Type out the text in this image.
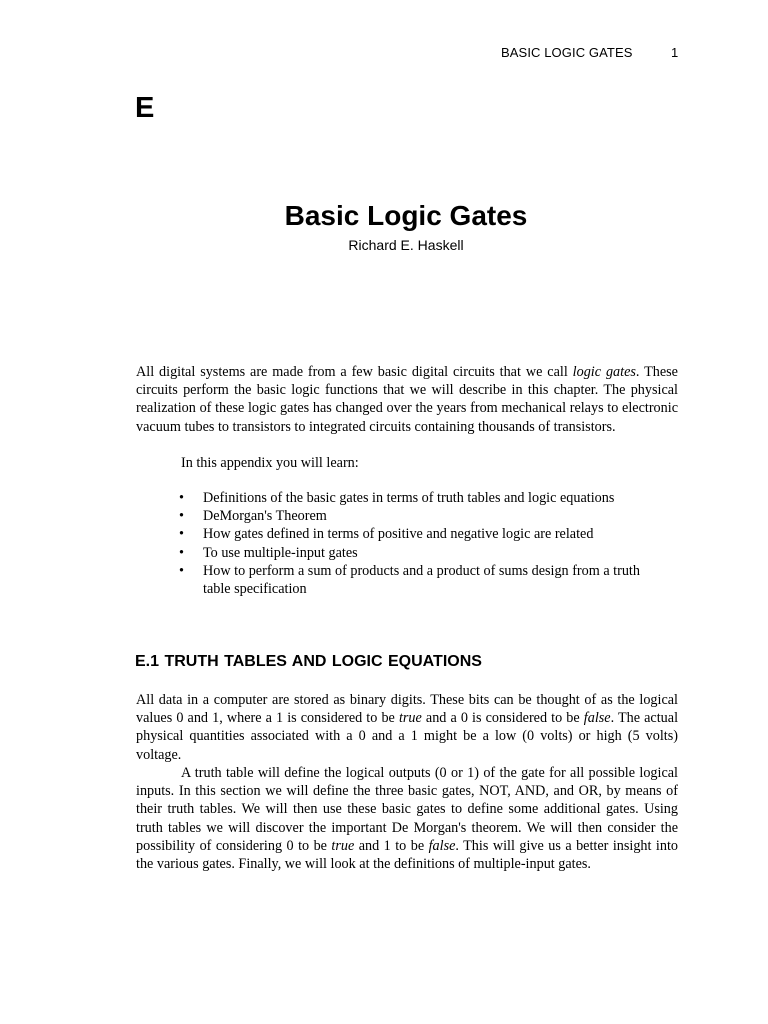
BASIC LOGIC GATES	1
E
Basic Logic Gates
Richard E. Haskell

All digital systems are made from a few basic digital circuits that we call logic gates. These circuits perform the basic logic functions that we will describe in this chapter. The physical realization of these logic gates has changed over the years from mechanical relays to electronic vacuum tubes to transistors to integrated circuits containing thousands of transistors.

In this appendix you will learn:

• Definitions of the basic gates in terms of truth tables and logic equations
• DeMorgan's Theorem
• How gates defined in terms of positive and negative logic are related
• To use multiple-input gates
• How to perform a sum of products and a product of sums design from a truth table specification
E.1 TRUTH TABLES AND LOGIC EQUATIONS

All data in a computer are stored as binary digits. These bits can be thought of as the logical values 0 and 1, where a 1 is considered to be true and a 0 is considered to be false. The actual physical quantities associated with a 0 and a 1 might be a low (0 volts) or high (5 volts) voltage.

A truth table will define the logical outputs (0 or 1) of the gate for all possible logical inputs. In this section we will define the three basic gates, NOT, AND, and OR, by means of their truth tables. We will then use these basic gates to define some additional gates. Using truth tables we will discover the important De Morgan's theorem. We will then consider the possibility of considering 0 to be true and 1 to be false. This will give us a better insight into the various gates. Finally, we will look at the definitions of multiple-input gates.
